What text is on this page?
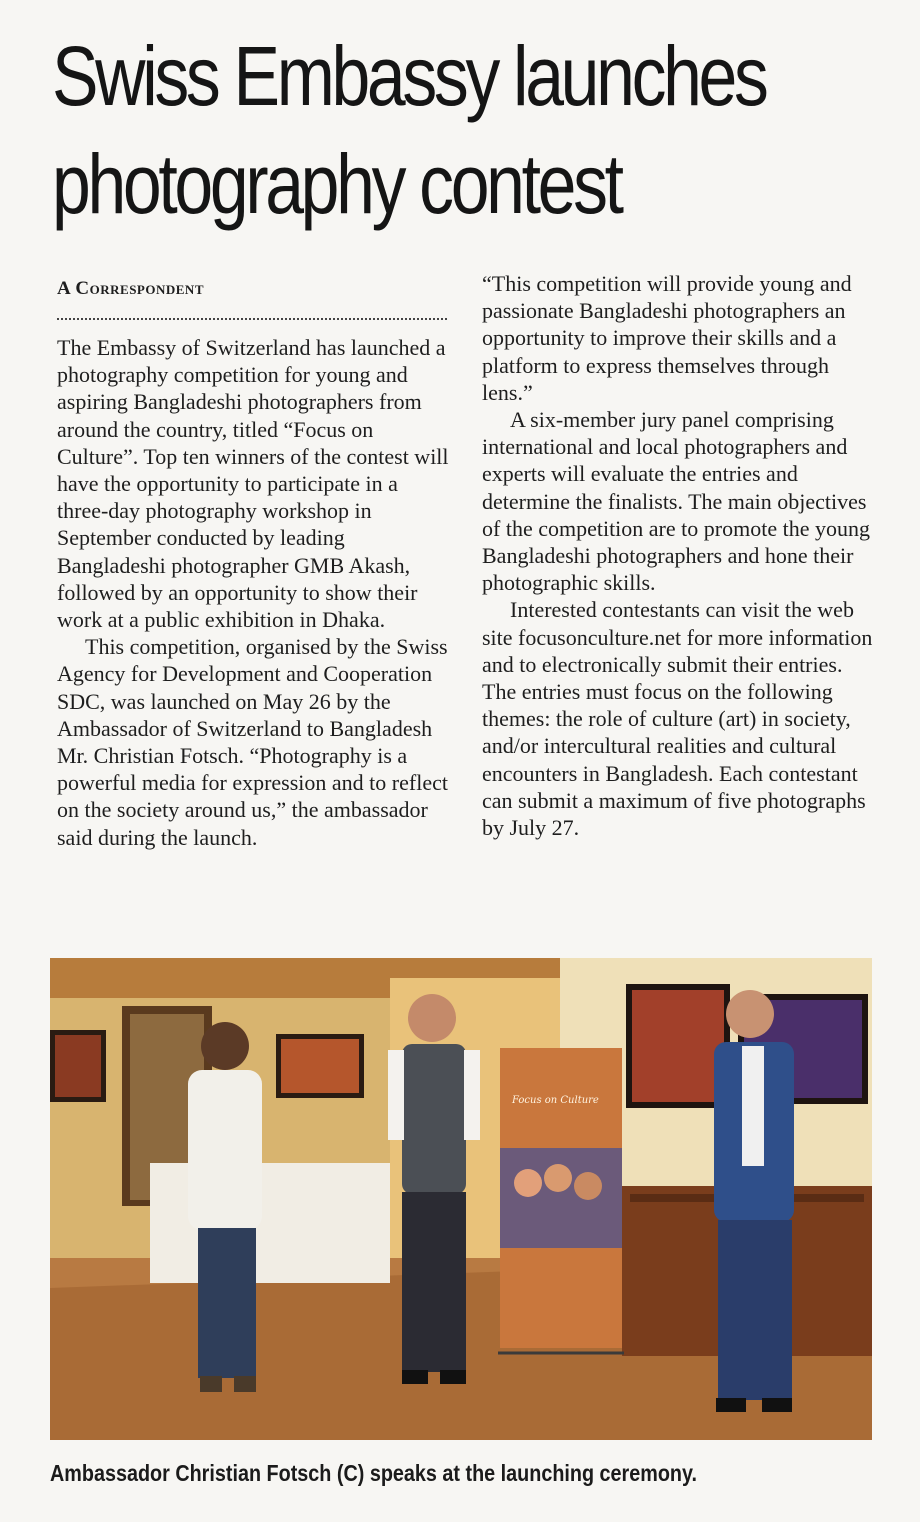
Swiss Embassy launches
photography contest
A Correspondent

The Embassy of Switzerland has launched a photography competition for young and aspiring Bangladeshi photographers from around the country, titled “Focus on Culture”. Top ten winners of the contest will have the opportunity to participate in a three-day photography workshop in September conducted by leading Bangladeshi photographer GMB Akash, followed by an opportunity to show their work at a public exhibition in Dhaka.

This competition, organised by the Swiss Agency for Development and Cooperation SDC, was launched on May 26 by the Ambassador of Switzerland to Bangladesh Mr. Christian Fotsch. “Photography is a powerful media for expression and to reflect on the society around us,” the ambassador said during the launch.

“This competition will provide young and passionate Bangladeshi photographers an opportunity to improve their skills and a platform to express themselves through lens.”

A six-member jury panel comprising international and local photographers and experts will evaluate the entries and determine the finalists. The main objectives of the competition are to promote the young Bangladeshi photographers and hone their photographic skills.

Interested contestants can visit the web site focusonculture.net for more information and to electronically submit their entries. The entries must focus on the following themes: the role of culture (art) in society, and/or intercultural realities and cultural encounters in Bangladesh. Each contestant can submit a maximum of five photographs by July 27.

Focus on Culture

Ambassador Christian Fotsch (C) speaks at the launching ceremony.
